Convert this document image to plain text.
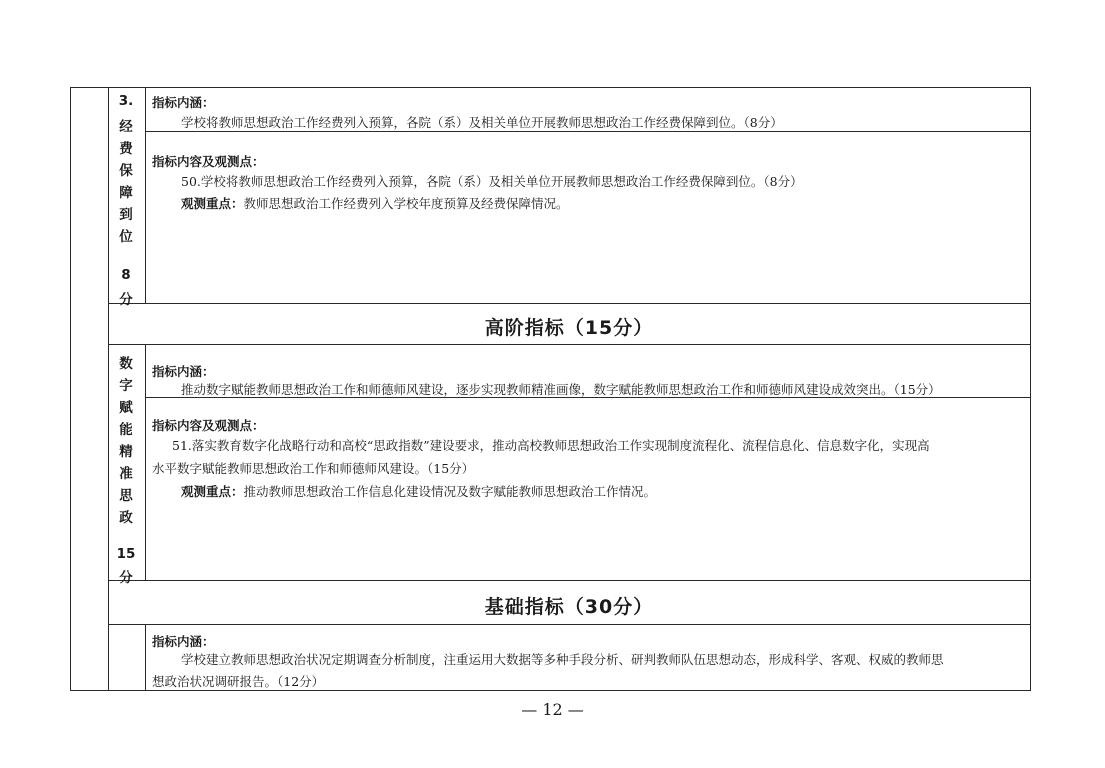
3.
经
费
保
障
到
位
8
分
指标内涵：
学校将教师思想政治工作经费列入预算，各院（系）及相关单位开展教师思想政治工作经费保障到位。（8分）
指标内容及观测点：
50.学校将教师思想政治工作经费列入预算，各院（系）及相关单位开展教师思想政治工作经费保障到位。（8分）
观测重点：教师思想政治工作经费列入学校年度预算及经费保障情况。
高阶指标（15分）
数
字
赋
能
精
准
思
政
15
分
指标内涵：
推动数字赋能教师思想政治工作和师德师风建设，逐步实现教师精准画像，数字赋能教师思想政治工作和师德师风建设成效突出。（15分）
指标内容及观测点：
51.落实教育数字化战略行动和高校“思政指数”建设要求，推动高校教师思想政治工作实现制度流程化、流程信息化、信息数字化，实现高
水平数字赋能教师思想政治工作和师德师风建设。（15分）
观测重点：推动教师思想政治工作信息化建设情况及数字赋能教师思想政治工作情况。
基础指标（30分）
指标内涵：
学校建立教师思想政治状况定期调查分析制度，注重运用大数据等多种手段分析、研判教师队伍思想动态，形成科学、客观、权威的教师思
想政治状况调研报告。（12分）
— 12 —
